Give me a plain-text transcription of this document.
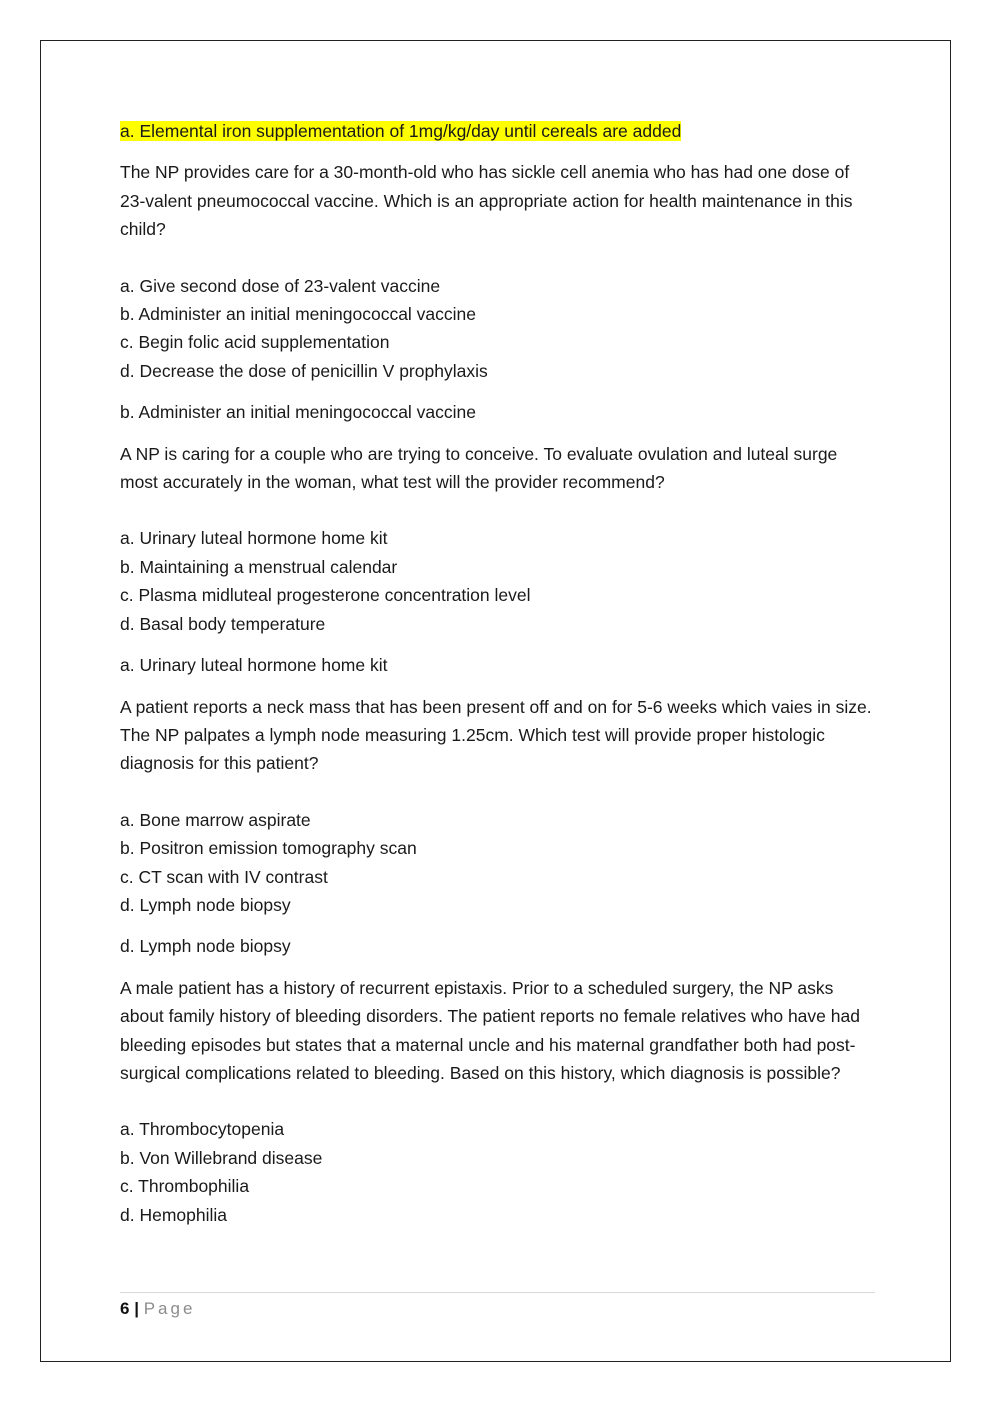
a. Elemental iron supplementation of 1mg/kg/day until cereals are added

The NP provides care for a 30-month-old who has sickle cell anemia who has had one dose of 23-valent pneumococcal vaccine. Which is an appropriate action for health maintenance in this child?

a. Give second dose of 23-valent vaccine
b. Administer an initial meningococcal vaccine
c. Begin folic acid supplementation
d. Decrease the dose of penicillin V prophylaxis

b. Administer an initial meningococcal vaccine

A NP is caring for a couple who are trying to conceive. To evaluate ovulation and luteal surge most accurately in the woman, what test will the provider recommend?

a. Urinary luteal hormone home kit
b. Maintaining a menstrual calendar
c. Plasma midluteal progesterone concentration level
d. Basal body temperature

a. Urinary luteal hormone home kit

A patient reports a neck mass that has been present off and on for 5-6 weeks which vaies in size. The NP palpates a lymph node measuring 1.25cm. Which test will provide proper histologic diagnosis for this patient?

a. Bone marrow aspirate
b. Positron emission tomography scan
c. CT scan with IV contrast
d. Lymph node biopsy

d. Lymph node biopsy

A male patient has a history of recurrent epistaxis. Prior to a scheduled surgery, the NP asks about family history of bleeding disorders. The patient reports no female relatives who have had bleeding episodes but states that a maternal uncle and his maternal grandfather both had post-surgical complications related to bleeding. Based on this history, which diagnosis is possible?

a. Thrombocytopenia
b. Von Willebrand disease
c. Thrombophilia
d. Hemophilia
6 | Page
